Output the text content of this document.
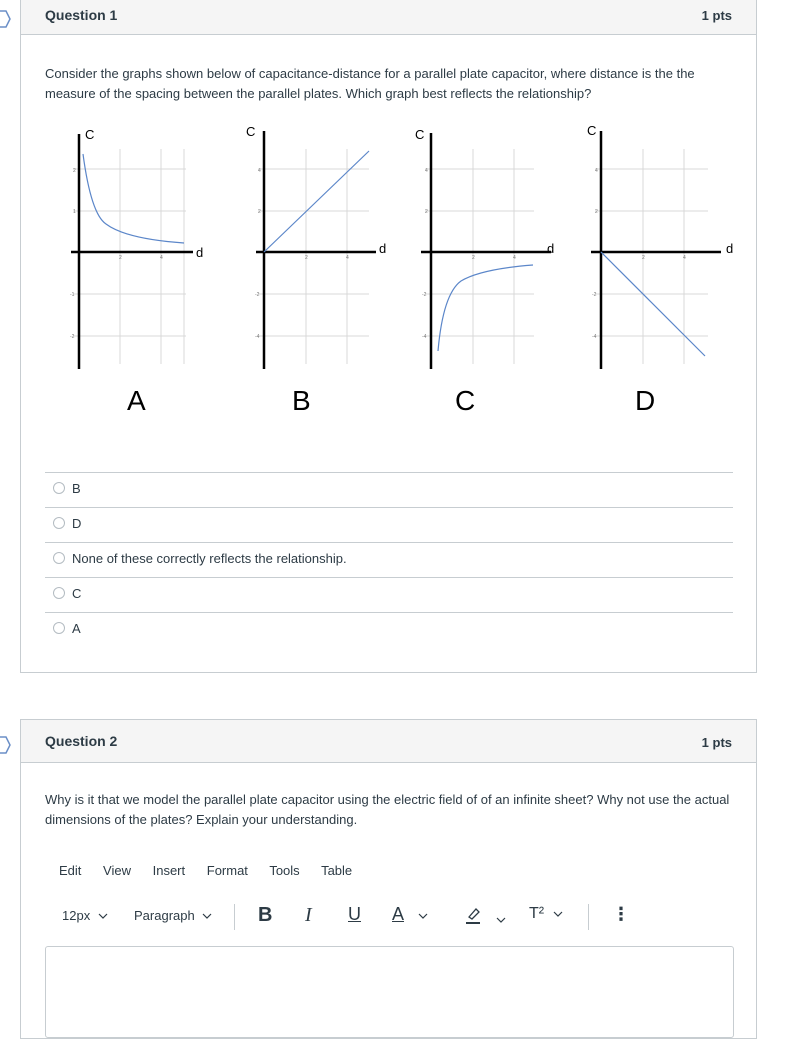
Question 1	1 pts
Consider the graphs shown below of capacitance-distance for a parallel plate capacitor, where distance is the the measure of the spacing between the parallel plates. Which graph best reflects the relationship?
C
d
2
1
-1
-2
2	4
C
d
4
2
-2
-4
2	4
C
d
4
2
-2
-4
2	4
C
d
4
2
-2
-4
2	4
A	B	C	D
B
D
None of these correctly reflects the relationship.
C
A
Question 2	1 pts
Why is it that we model the parallel plate capacitor using the electric field of of an infinite sheet? Why not use the actual dimensions of the plates? Explain your understanding.
Edit View Insert Format Tools Table
12px	Paragraph	B I U A
	T²	⋮
